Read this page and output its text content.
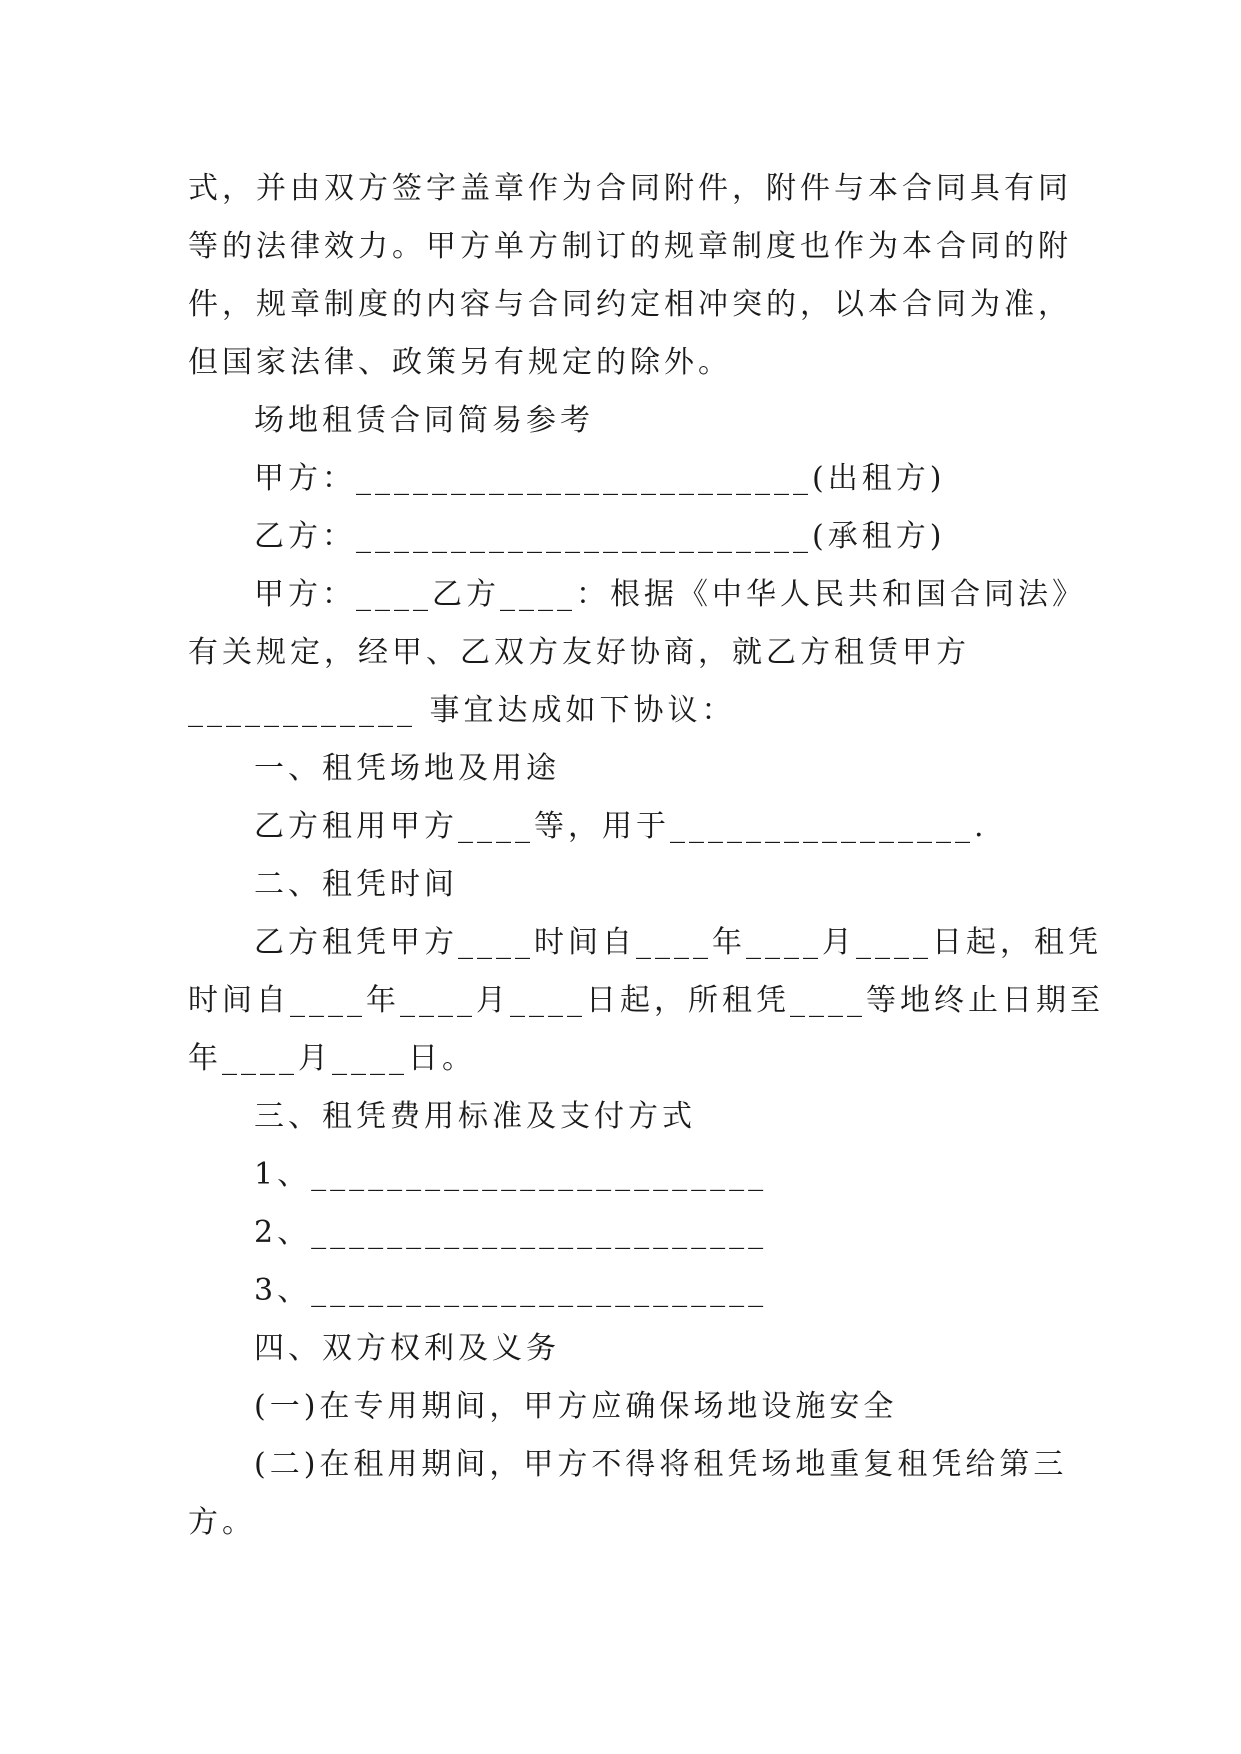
式，并由双方签字盖章作为合同附件，附件与本合同具有同
等的法律效力。甲方单方制订的规章制度也作为本合同的附
件，规章制度的内容与合同约定相冲突的，以本合同为准，
但国家法律、政策另有规定的除外。
场地租赁合同简易参考
甲方：________________________(出租方)
乙方：________________________(承租方)
甲方：____乙方____：根据《中华人民共和国合同法》
有关规定，经甲、乙双方友好协商，就乙方租赁甲方
____________ 事宜达成如下协议：
一、租凭场地及用途
乙方租用甲方____等，用于________________.
二、租凭时间
乙方租凭甲方____时间自____年____月____日起，租凭
时间自____年____月____日起，所租凭____等地终止日期至
年____月____日。
三、租凭费用标准及支付方式
1、________________________
2、________________________
3、________________________
四、双方权利及义务
(一)在专用期间，甲方应确保场地设施安全
(二)在租用期间，甲方不得将租凭场地重复租凭给第三
方。
